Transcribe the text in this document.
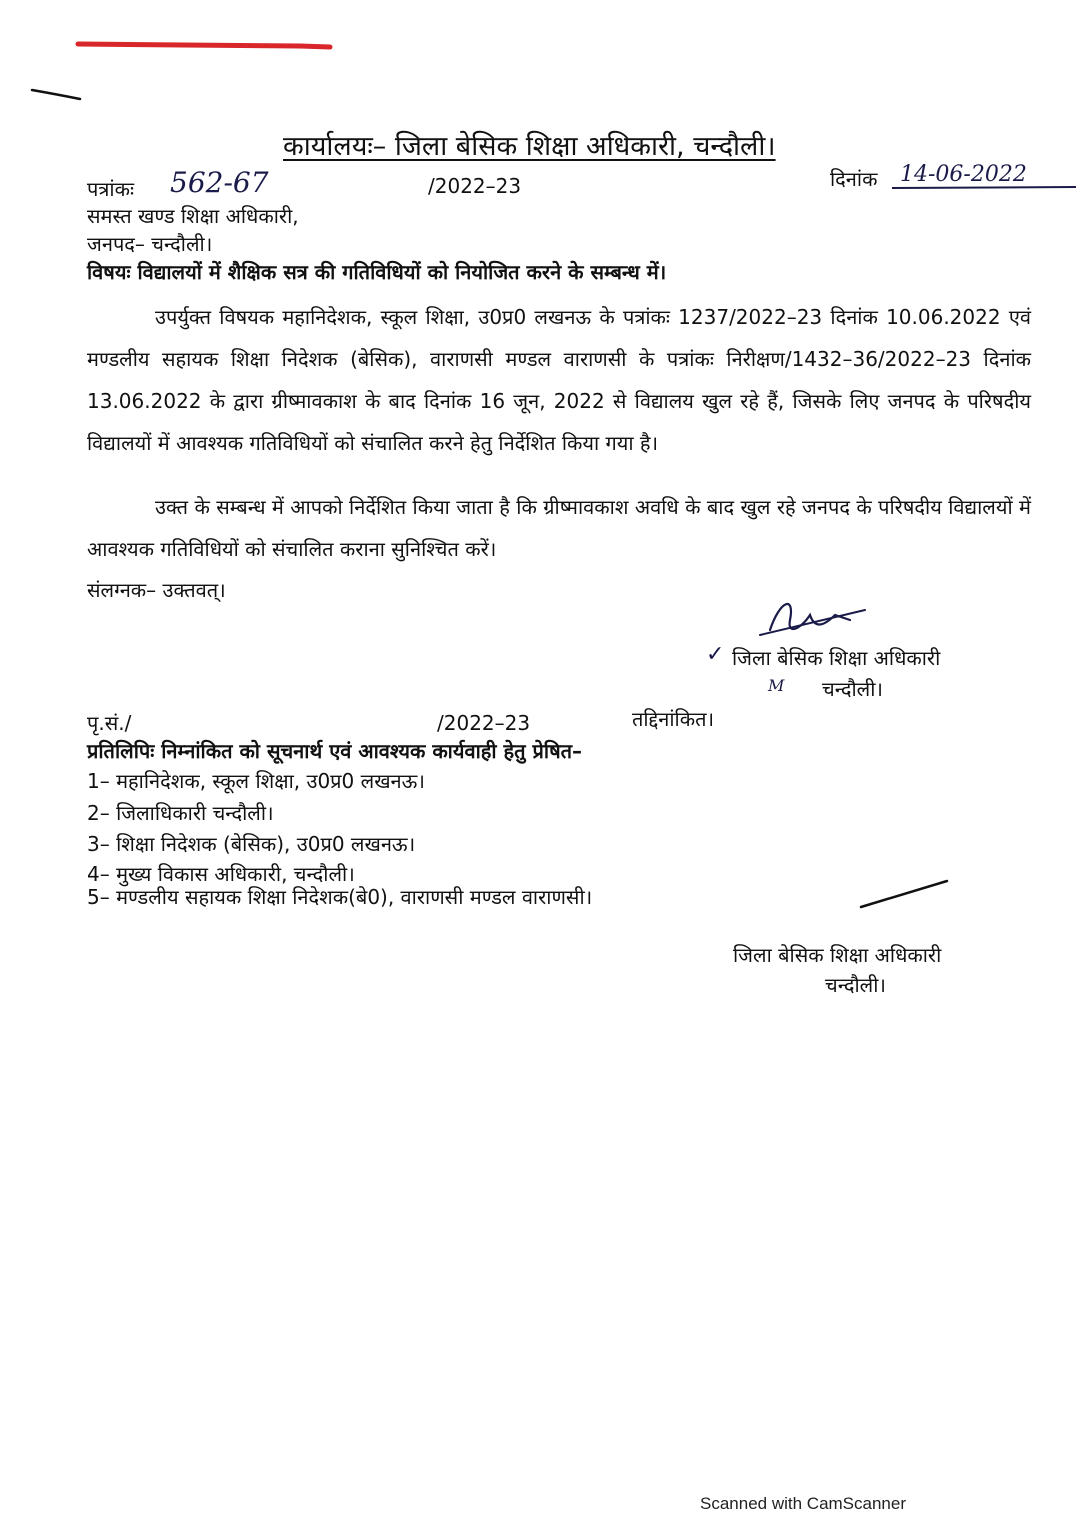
कार्यालयः– जिला बेसिक शिक्षा अधिकारी, चन्दौली।
पत्रांकः 562-67	/2022–23	दिनांक 14-06-2022
समस्त खण्ड शिक्षा अधिकारी,
जनपद– चन्दौली।
विषयः विद्यालयों में शैक्षिक सत्र की गतिविधियों को नियोजित करने के सम्बन्ध में।
उपर्युक्त विषयक महानिदेशक, स्कूल शिक्षा, उ0प्र0 लखनऊ के पत्रांकः 1237/2022–23 दिनांक 10.06.2022 एवं मण्डलीय सहायक शिक्षा निदेशक (बेसिक), वाराणसी मण्डल वाराणसी के पत्रांकः निरीक्षण/1432–36/2022–23 दिनांक 13.06.2022 के द्वारा ग्रीष्मावकाश के बाद दिनांक 16 जून, 2022 से विद्यालय खुल रहे हैं, जिसके लिए जनपद के परिषदीय विद्यालयों में आवश्यक गतिविधियों को संचालित करने हेतु निर्देशित किया गया है।
उक्त के सम्बन्ध में आपको निर्देशित किया जाता है कि ग्रीष्मावकाश अवधि के बाद खुल रहे जनपद के परिषदीय विद्यालयों में आवश्यक गतिविधियों को संचालित कराना सुनिश्चित करें।
संलग्नक– उक्तवत्।
✓ जिला बेसिक शिक्षा अधिकारी
M चन्दौली।
पृ.सं./	/2022–23	तद्दिनांकित।
प्रतिलिपिः निम्नांकित को सूचनार्थ एवं आवश्यक कार्यवाही हेतु प्रेषित–
1– महानिदेशक, स्कूल शिक्षा, उ0प्र0 लखनऊ।
2– जिलाधिकारी चन्दौली।
3– शिक्षा निदेशक (बेसिक), उ0प्र0 लखनऊ।
4– मुख्य विकास अधिकारी, चन्दौली।
5– मण्डलीय सहायक शिक्षा निदेशक(बे0), वाराणसी मण्डल वाराणसी।
जिला बेसिक शिक्षा अधिकारी
चन्दौली।
Scanned with CamScanner
